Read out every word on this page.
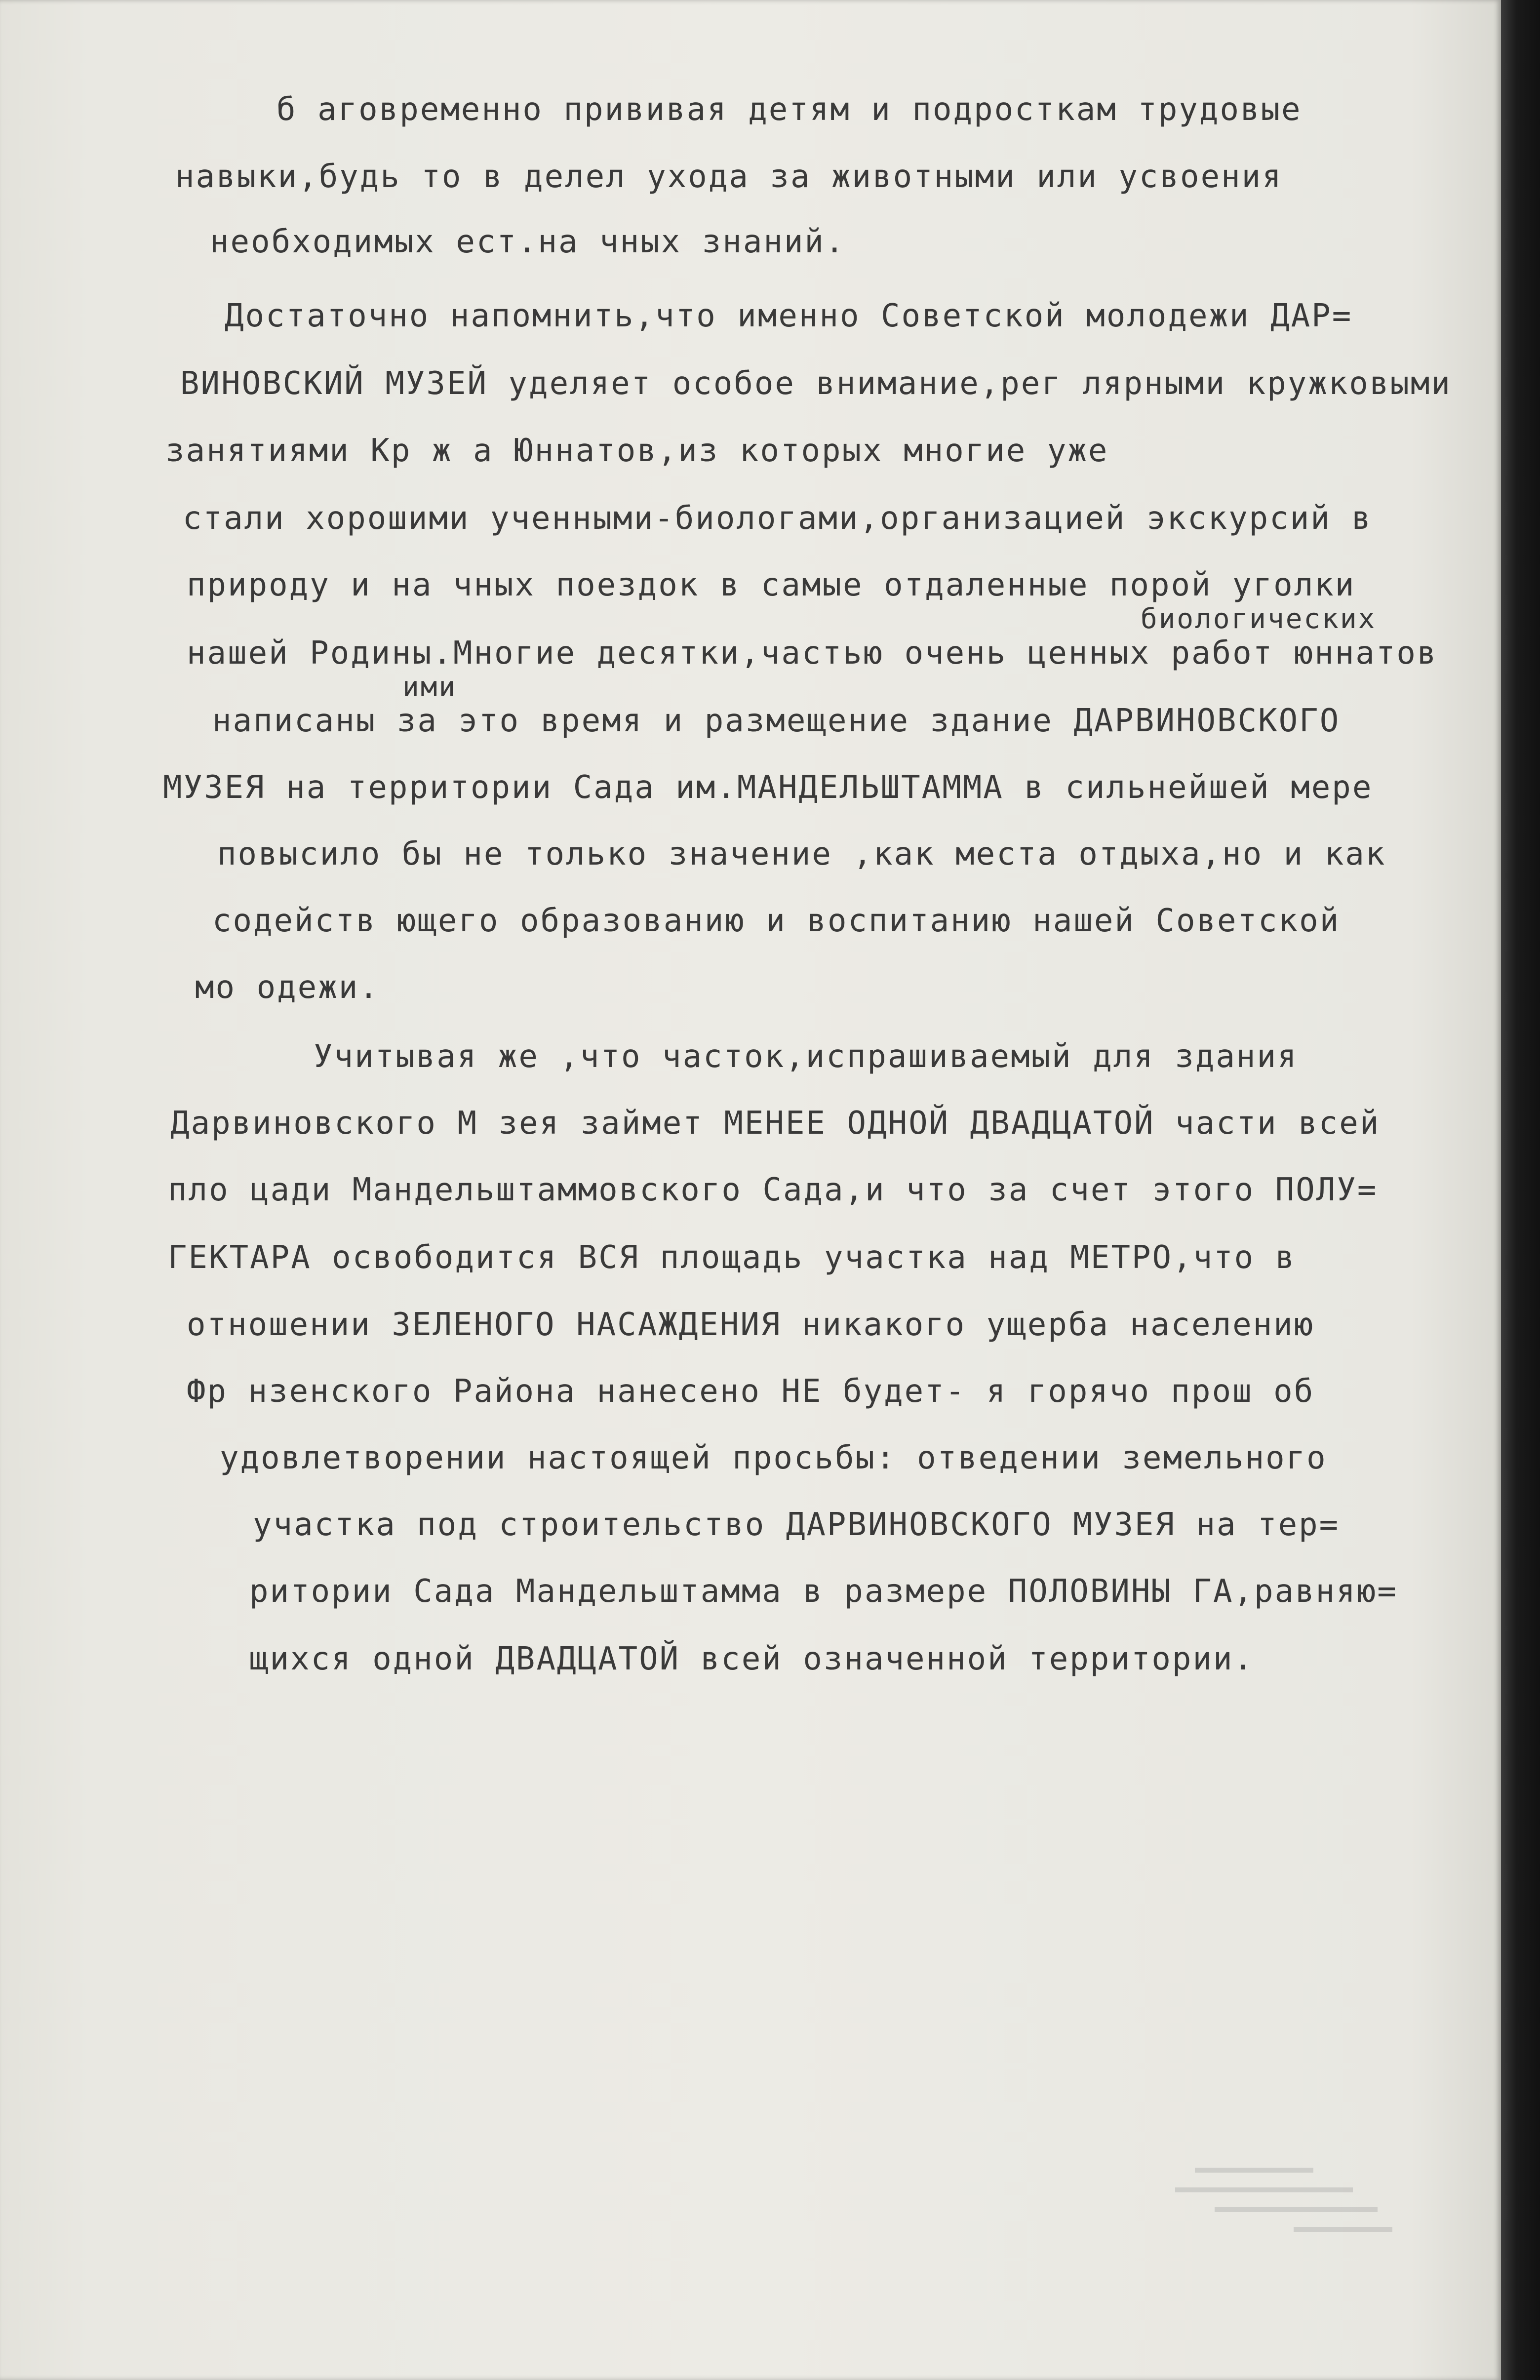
б аговременно прививая детям и подросткам трудовые
навыки,будь то в делел ухода за животными или усвоения
необходимых ест.на чных знаний.
Достаточно напомнить,что именно Советской молодежи ДАР=
ВИНОВСКИЙ МУЗЕЙ уделяет особое внимание,рег лярными кружковыми
занятиями Кр ж а Юннатов,из которых многие уже
стали хорошими ученными-биологами,организацией экскурсий в
природу и на чных поездок в самые отдаленные порой уголки
биологических
нашей Родины.Многие десятки,частью очень ценных работ юннатов
ими
написаны за это время и размещение здание ДАРВИНОВСКОГО
МУЗЕЯ на территории Сада им.МАНДЕЛЬШТАММА в сильнейшей мере
повысило бы не только значение ,как места отдыха,но и как
содейств ющего образованию и воспитанию нашей Советской
мо одежи.
Учитывая же ,что часток,испрашиваемый для здания
Дарвиновского М зея займет МЕНЕЕ ОДНОЙ ДВАДЦАТОЙ части всей
пло цади Мандельштаммовского Сада,и что за счет этого ПОЛУ=
ГЕКТАРА освободится ВСЯ площадь участка над МЕТРО,что в
отношении ЗЕЛЕНОГО НАСАЖДЕНИЯ никакого ущерба населению
Фр нзенского Района нанесено НЕ будет- я горячо прош об
удовлетворении настоящей просьбы: отведении земельного
участка под строительство ДАРВИНОВСКОГО МУЗЕЯ на тер=
ритории Сада Мандельштамма в размере ПОЛОВИНЫ ГА,равняю=
щихся одной ДВАДЦАТОЙ всей означенной территории.
